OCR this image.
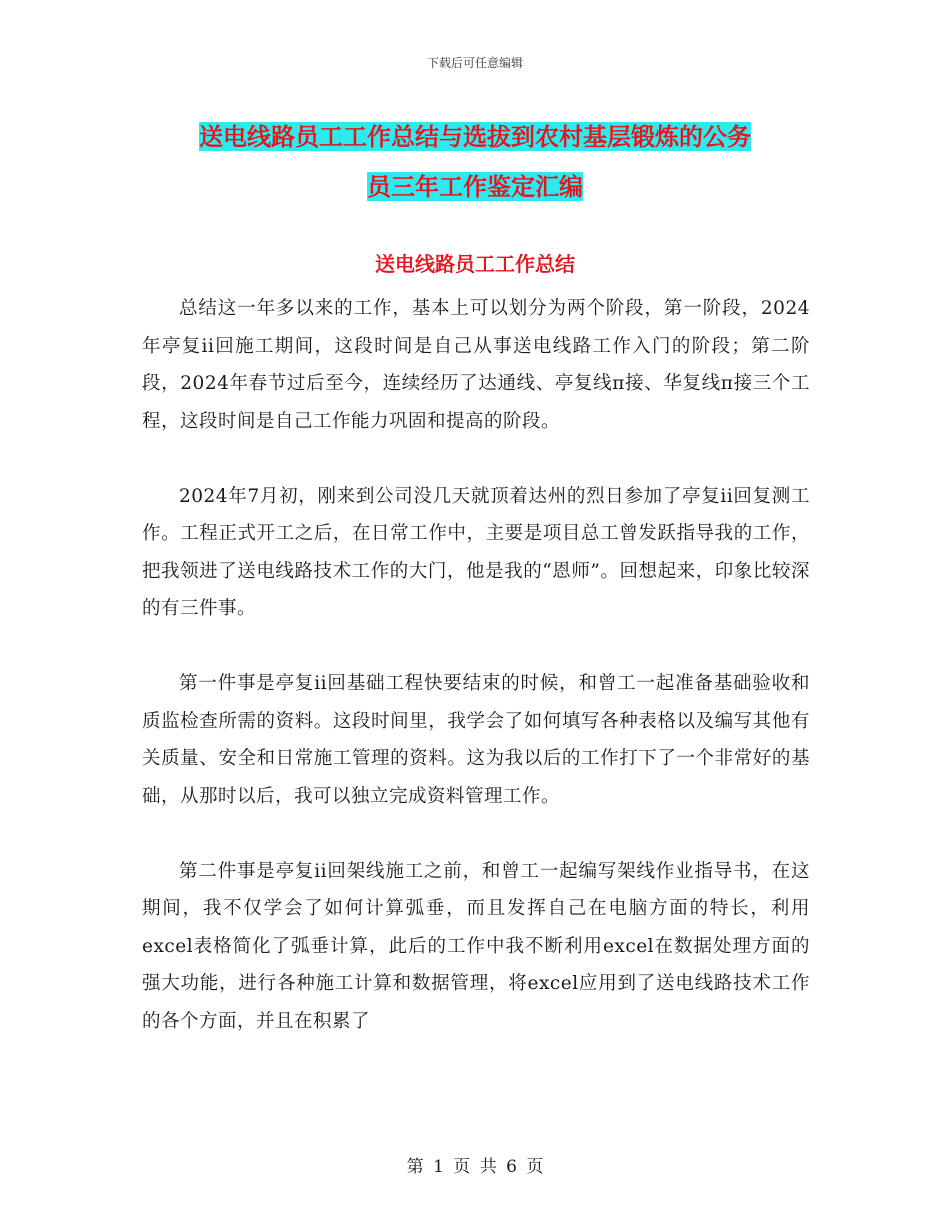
下载后可任意编辑
送电线路员工工作总结与选拔到农村基层锻炼的公务
员三年工作鉴定汇编
送电线路员工工作总结

总结这一年多以来的工作，基本上可以划分为两个阶段，第一阶段，2024年亭复ii回施工期间，这段时间是自己从事送电线路工作入门的阶段；第二阶段，2024年春节过后至今，连续经历了达通线、亭复线π接、华复线π接三个工程，这段时间是自己工作能力巩固和提高的阶段。

2024年7月初，刚来到公司没几天就顶着达州的烈日参加了亭复ii回复测工作。工程正式开工之后，在日常工作中，主要是项目总工曾发跃指导我的工作，把我领进了送电线路技术工作的大门，他是我的“恩师”。回想起来，印象比较深的有三件事。

第一件事是亭复ii回基础工程快要结束的时候，和曾工一起准备基础验收和质监检查所需的资料。这段时间里，我学会了如何填写各种表格以及编写其他有关质量、安全和日常施工管理的资料。这为我以后的工作打下了一个非常好的基础，从那时以后，我可以独立完成资料管理工作。

第二件事是亭复ii回架线施工之前，和曾工一起编写架线作业指导书，在这期间，我不仅学会了如何计算弧垂，而且发挥自己在电脑方面的特长，利用excel表格简化了弧垂计算，此后的工作中我不断利用excel在数据处理方面的强大功能，进行各种施工计算和数据管理，将excel应用到了送电线路技术工作的各个方面，并且在积累了

第 1 页 共 6 页
